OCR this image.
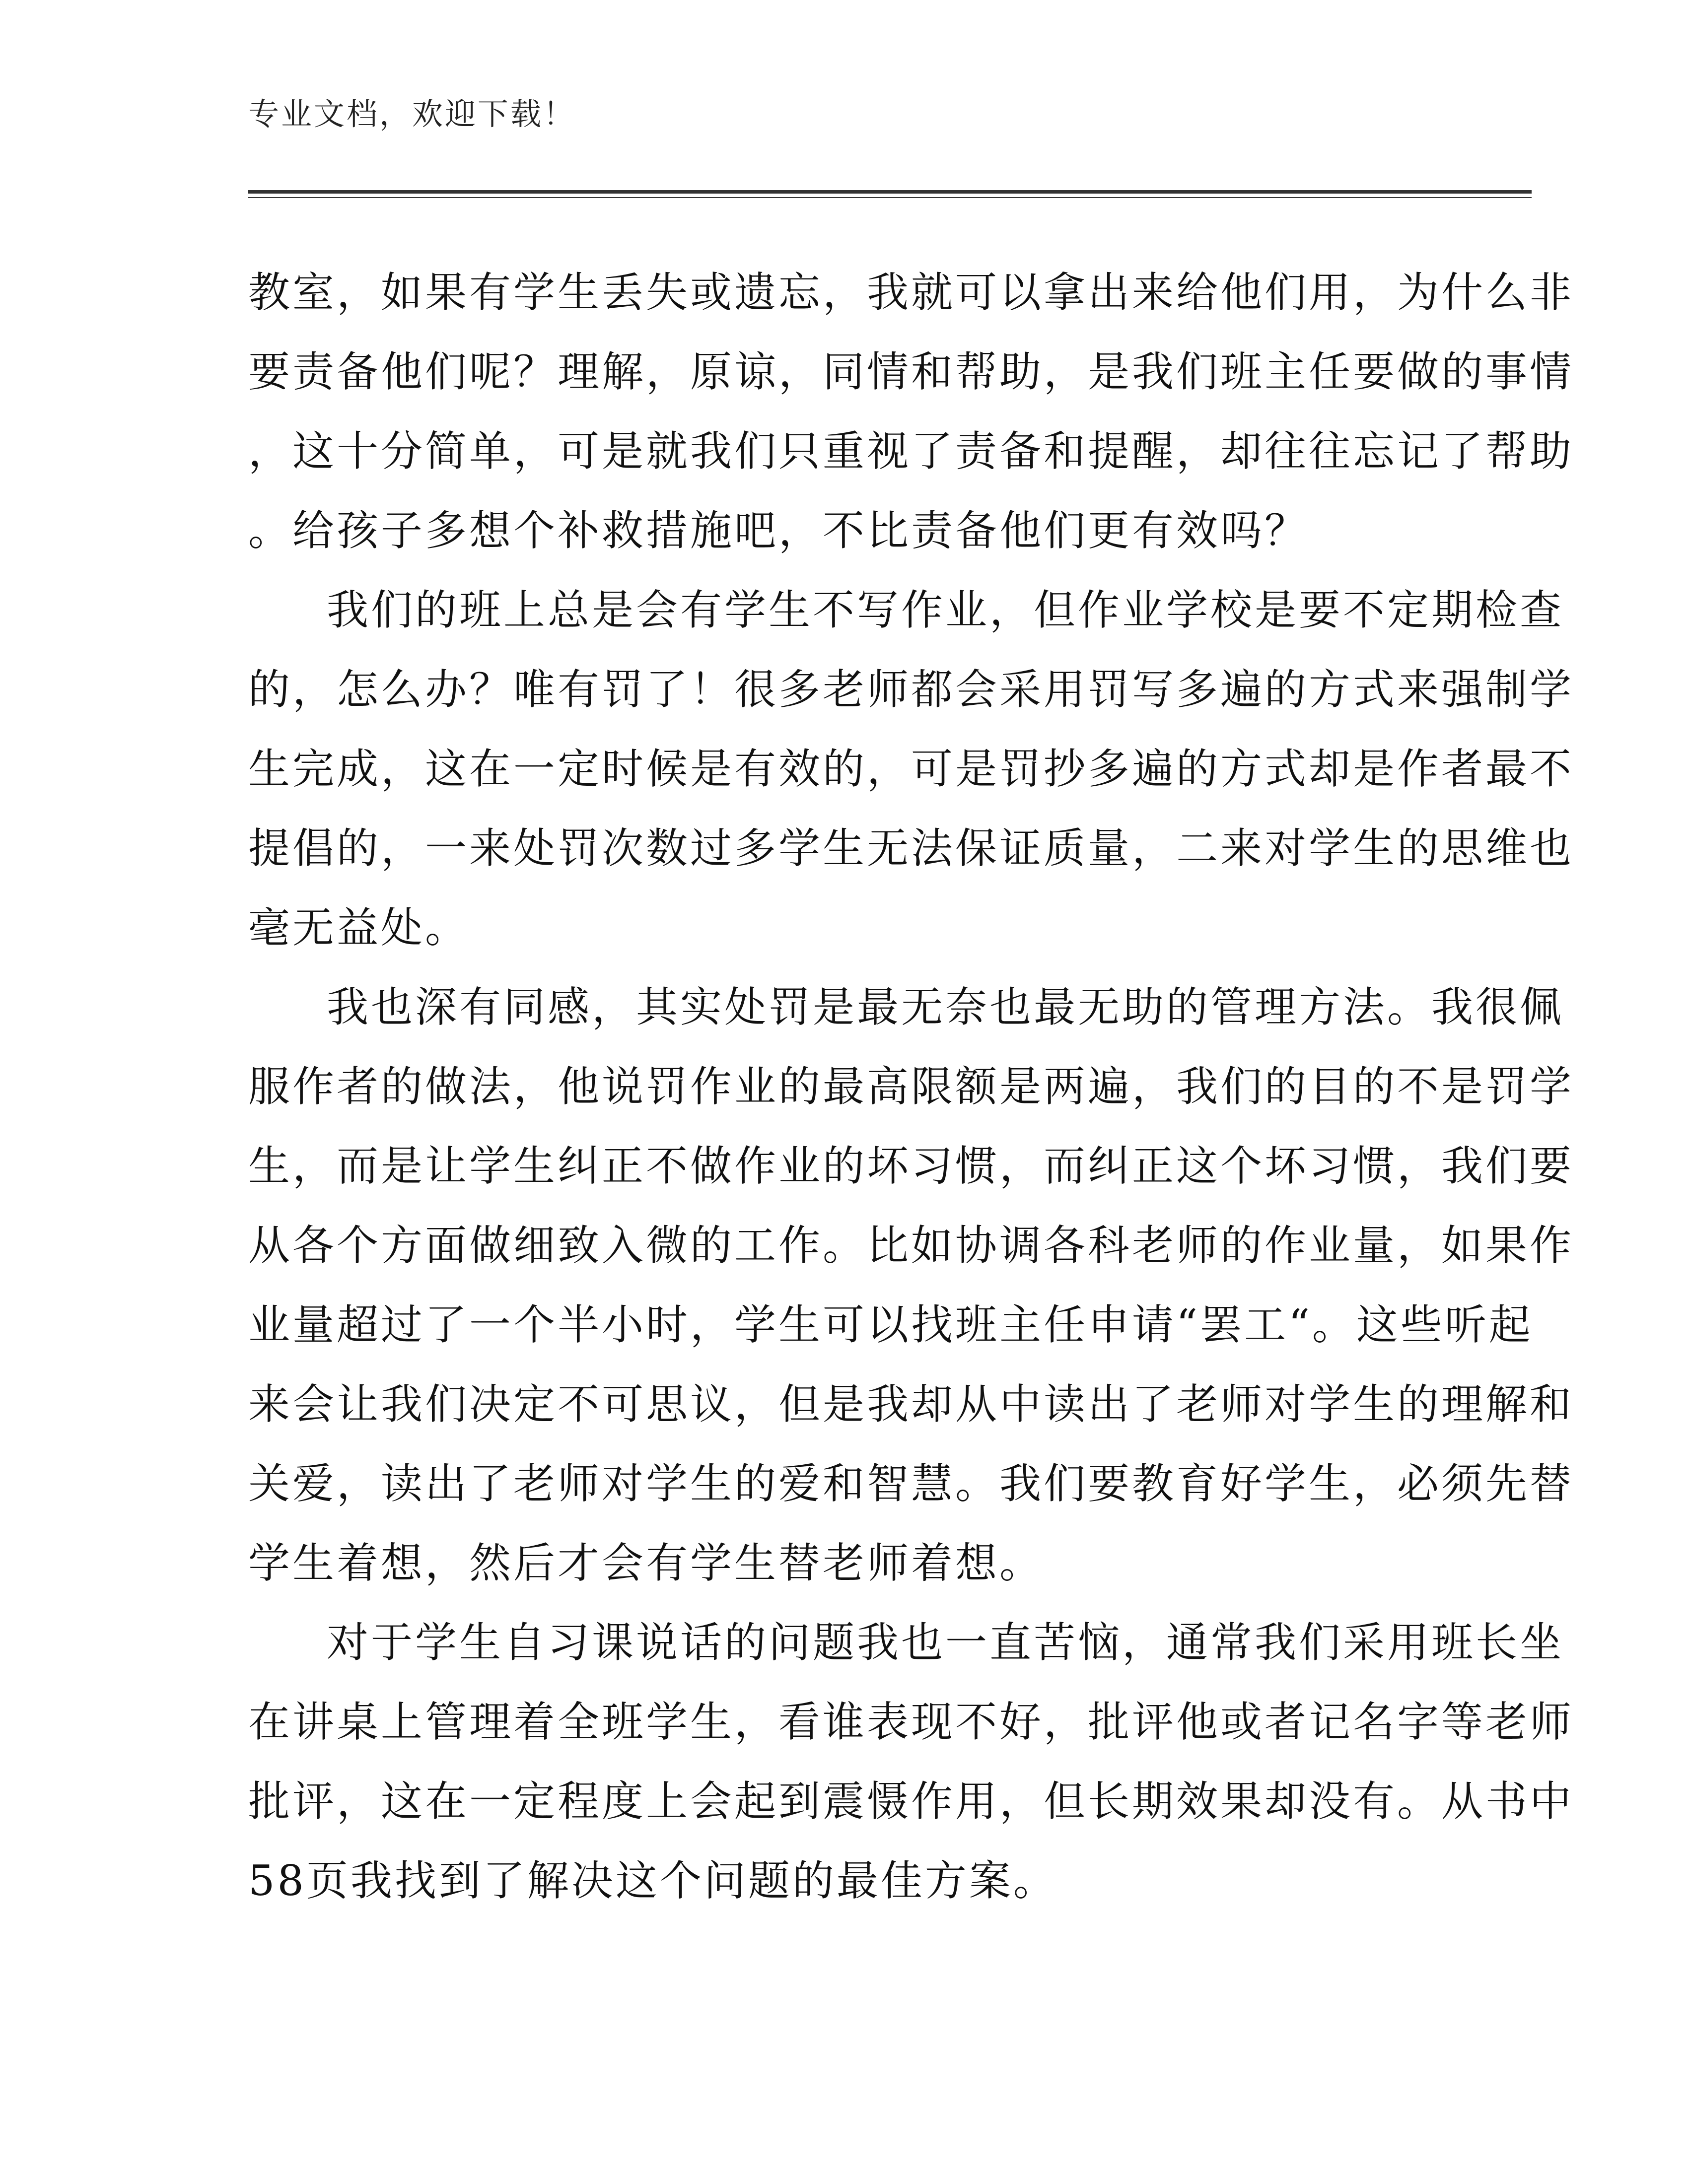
专业文档，欢迎下载！
教室，如果有学生丢失或遗忘，我就可以拿出来给他们用，为什么非
要责备他们呢？理解，原谅，同情和帮助，是我们班主任要做的事情
，这十分简单，可是就我们只重视了责备和提醒，却往往忘记了帮助
。给孩子多想个补救措施吧，不比责备他们更有效吗？
我们的班上总是会有学生不写作业，但作业学校是要不定期检查
的，怎么办？唯有罚了！很多老师都会采用罚写多遍的方式来强制学
生完成，这在一定时候是有效的，可是罚抄多遍的方式却是作者最不
提倡的，一来处罚次数过多学生无法保证质量，二来对学生的思维也
毫无益处。
我也深有同感，其实处罚是最无奈也最无助的管理方法。我很佩
服作者的做法，他说罚作业的最高限额是两遍，我们的目的不是罚学
生，而是让学生纠正不做作业的坏习惯，而纠正这个坏习惯，我们要
从各个方面做细致入微的工作。比如协调各科老师的作业量，如果作
业量超过了一个半小时，学生可以找班主任申请“罢工“。这些听起
来会让我们决定不可思议，但是我却从中读出了老师对学生的理解和
关爱，读出了老师对学生的爱和智慧。我们要教育好学生，必须先替
学生着想，然后才会有学生替老师着想。
对于学生自习课说话的问题我也一直苦恼，通常我们采用班长坐
在讲桌上管理着全班学生，看谁表现不好，批评他或者记名字等老师
批评，这在一定程度上会起到震慑作用，但长期效果却没有。从书中
58页我找到了解决这个问题的最佳方案。
